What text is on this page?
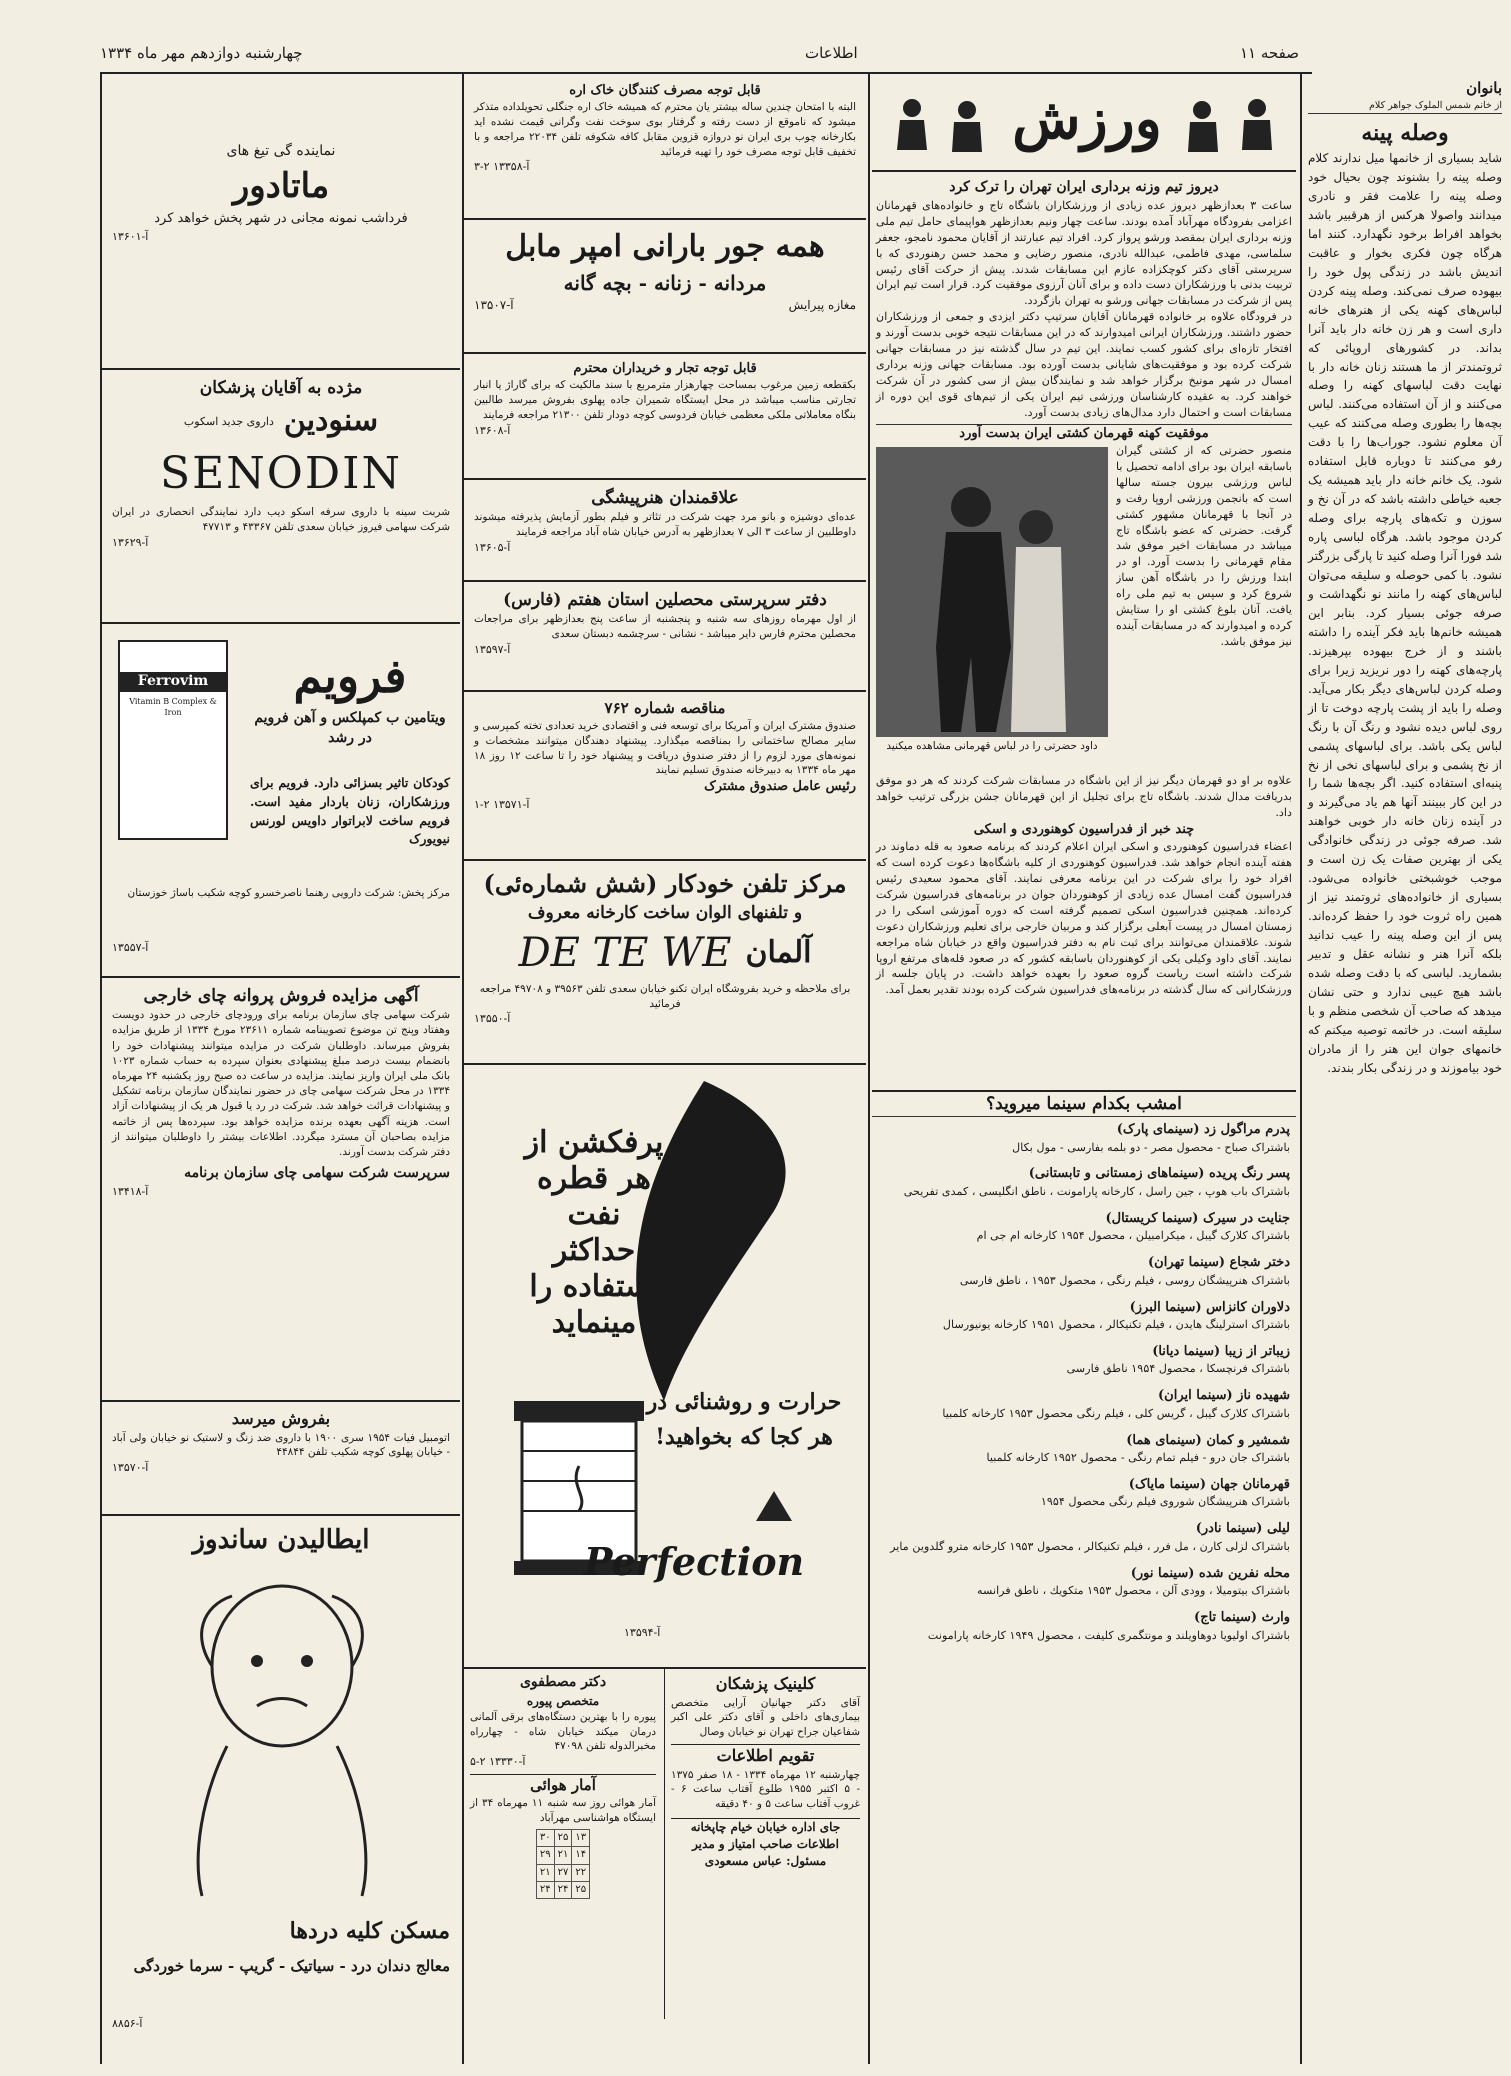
چهارشنبه دوازدهم مهر ماه ۱۳۳۴	اطلاعات	صفحه ۱۱
بانوان
از خانم شمس الملوک جواهر کلام
وصله پینه
شاید بسیاری از خانمها میل ندارند کلام وصله پینه را بشنوند چون بحیال خود وصله پینه را علامت فقر و نادری میدانند واصولا هرکس از هرقبیر باشد بخواهد افراط برخود نگهدارد. کنند اما هرگاه چون فکری بخوار و عاقبت اندیش باشد در زندگی پول خود را بیهوده صرف نمی‌کند. وصله پینه کردن لباس‌های کهنه یکی از هنرهای خانه داری است و هر زن خانه دار باید آنرا بداند. در کشورهای اروپائی که ثروتمندتر از ما هستند زنان خانه دار با نهایت دقت لباسهای کهنه را وصله می‌کنند و از آن استفاده می‌کنند. لباس بچه‌ها را بطوری وصله می‌کنند که عیب آن معلوم نشود. جوراب‌ها را با دقت رفو می‌کنند تا دوباره قابل استفاده شود. یک خانم خانه دار باید همیشه یک جعبه خیاطی داشته باشد که در آن نخ و سوزن و تکه‌های پارچه برای وصله کردن موجود باشد. هرگاه لباسی پاره شد فورا آنرا وصله کنید تا پارگی بزرگتر نشود. با کمی حوصله و سلیقه می‌توان لباس‌های کهنه را مانند نو نگهداشت و صرفه جوئی بسیار کرد. بنابر این همیشه خانم‌ها باید فکر آینده را داشته باشند و از خرج بیهوده بپرهیزند. پارچه‌های کهنه را دور نریزید زیرا برای وصله کردن لباس‌های دیگر بکار می‌آید. وصله را باید از پشت پارچه دوخت تا از روی لباس دیده نشود و رنگ آن با رنگ لباس یکی باشد. برای لباسهای پشمی از نخ پشمی و برای لباسهای نخی از نخ پنبه‌ای استفاده کنید. اگر بچه‌ها شما را در این کار ببینند آنها هم یاد می‌گیرند و در آینده زنان خانه دار خوبی خواهند شد. صرفه جوئی در زندگی خانوادگی یکی از بهترین صفات یک زن است و موجب خوشبختی خانواده می‌شود. بسیاری از خانواده‌های ثروتمند نیز از همین راه ثروت خود را حفظ کرده‌اند. پس از این وصله پینه را عیب ندانید بلکه آنرا هنر و نشانه عقل و تدبیر بشمارید. لباسی که با دقت وصله شده باشد هیچ عیبی ندارد و حتی نشان میدهد که صاحب آن شخصی منظم و با سلیقه است. در خاتمه توصیه میکنم که خانمهای جوان این هنر را از مادران خود بیاموزند و در زندگی بکار بندند.
ورزش
دیروز تیم وزنه برداری ایران تهران را ترک کرد
ساعت ۳ بعدازظهر دیروز عده زیادی از ورزشکاران باشگاه تاج و خانواده‌های قهرمانان اعزامی بفرودگاه مهرآباد آمده بودند. ساعت چهار ونیم بعدازظهر هواپیمای حامل تیم ملی وزنه برداری ایران بمقصد ورشو پرواز کرد. افراد تیم عبارتند از آقایان محمود نامجو، جعفر سلماسی، مهدی فاطمی، عبدالله نادری، منصور رضایی و محمد حسن رهنوردی که با سرپرستی آقای دکتر کوچکزاده عازم این مسابقات شدند. پیش از حرکت آقای رئیس تربیت بدنی با ورزشکاران دست داده و برای آنان آرزوی موفقیت کرد. قرار است تیم ایران پس از شرکت در مسابقات جهانی ورشو به تهران بازگردد.
در فرودگاه علاوه بر خانواده قهرمانان آقایان سرتیپ دکتر ایزدی و جمعی از ورزشکاران حضور داشتند. ورزشکاران ایرانی امیدوارند که در این مسابقات نتیجه خوبی بدست آورند و افتخار تازه‌ای برای کشور کسب نمایند. این تیم در سال گذشته نیز در مسابقات جهانی شرکت کرده بود و موفقیت‌های شایانی بدست آورده بود. مسابقات جهانی وزنه برداری امسال در شهر مونیخ برگزار خواهد شد و نمایندگان بیش از سی کشور در آن شرکت خواهند کرد. به عقیده کارشناسان ورزشی تیم ایران یکی از تیم‌های قوی این دوره از مسابقات است و احتمال دارد مدال‌های زیادی بدست آورد.
موفقیت کهنه قهرمان کشتی ایران بدست آورد
منصور حضرتی که از کشتی گیران باسابقه ایران بود برای ادامه تحصیل با لباس ورزشی بیرون جسته سالها است که بانجمن ورزشی اروپا رفت و در آنجا با قهرمانان مشهور کشتی گرفت. حضرتی که عضو باشگاه تاج میباشد در مسابقات اخیر موفق شد مقام قهرمانی را بدست آورد. او در ابتدا ورزش را در باشگاه آهن ساز شروع کرد و سپس به تیم ملی راه یافت. آنان بلوغ کشتی او را ستایش کرده و امیدوارند که در مسابقات آینده نیز موفق باشد.
داود حضرتی را در لباس قهرمانی مشاهده میکنید
علاوه بر او دو قهرمان دیگر نیز از این باشگاه در مسابقات شرکت کردند که هر دو موفق بدریافت مدال شدند. باشگاه تاج برای تجلیل از این قهرمانان جشن بزرگی ترتیب خواهد داد.
چند خبر از فدراسیون کوهنوردی و اسکی
اعضاء فدراسیون کوهنوردی و اسکی ایران اعلام کردند که برنامه صعود به قله دماوند در هفته آینده انجام خواهد شد. فدراسیون کوهنوردی از کلیه باشگاه‌ها دعوت کرده است که افراد خود را برای شرکت در این برنامه معرفی نمایند. آقای محمود سعیدی رئیس فدراسیون گفت امسال عده زیادی از کوهنوردان جوان در برنامه‌های فدراسیون شرکت کرده‌اند. همچنین فدراسیون اسکی تصمیم گرفته است که دوره آموزشی اسکی را در زمستان امسال در پیست آبعلی برگزار کند و مربیان خارجی برای تعلیم ورزشکاران دعوت شوند. علاقمندان می‌توانند برای ثبت نام به دفتر فدراسیون واقع در خیابان شاه مراجعه نمایند. آقای داود وکیلی یکی از کوهنوردان باسابقه کشور که در صعود قله‌های مرتفع اروپا شرکت داشته است ریاست گروه صعود را بعهده خواهد داشت. در پایان جلسه از ورزشکارانی که سال گذشته در برنامه‌های فدراسیون شرکت کرده بودند تقدیر بعمل آمد.
امشب بکدام سینما میروید؟
پدرم مراگول زد (سینمای پارک)
باشتراک صباح - محصول مصر - دو بلمه بفارسی - مول بکال
پسر رنگ پریده (سینماهای زمستانی و تابستانی)
باشتراک باب هوپ ، جین راسل ، کارخانه پارامونت ، ناطق انگلیسی ، کمدی تفریحی
جنایت در سیرک (سینما کریستال)
باشتراک کلارک گیبل ، میکرامبیلن ، محصول ۱۹۵۴ کارخانه ام جی ام
دختر شجاع (سینما تهران)
باشتراک هنرپیشگان روسی ، فیلم رنگی ، محصول ۱۹۵۳ ، ناطق فارسی
دلاوران کانزاس (سینما البرز)
باشتراک استرلینگ هایدن ، فیلم تکنیکالر ، محصول ۱۹۵۱ کارخانه یونیورسال
زیباتر از زیبا (سینما دیانا)
باشتراک فرنچسکا ، محصول ۱۹۵۴ ناطق فارسی
شهیده ناز (سینما ایران)
باشتراک کلارک گیبل ، گریس کلی ، فیلم رنگی محصول ۱۹۵۳ کارخانه کلمبیا
شمشیر و کمان (سینمای هما)
باشتراک جان درو - فیلم تمام رنگی - محصول ۱۹۵۲ کارخانه کلمبیا
قهرمانان جهان (سینما مایاک)
باشتراک هنرپیشگان شوروی فیلم رنگی محصول ۱۹۵۴
لیلی (سینما نادر)
باشتراک لزلی کارن ، مل فرر ، فیلم تکنیکالر ، محصول ۱۹۵۳ کارخانه مترو گلدوین مایر
محله نفرین شده (سینما نور)
باشتراک بیتومیلا ، وودی آلن ، محصول ۱۹۵۳ متکویك ، ناطق فرانسه
وارث (سینما تاج)
باشتراک اولیویا دوهاویلند و مونتگمری کلیفت ، محصول ۱۹۴۹ کارخانه پارامونت
قابل توجه مصرف کنندگان خاک اره
البته با امتحان چندین ساله بیشتر یان محترم که همیشه خاک اره جنگلی تحویلداده متذکر میشود که ناموقع از دست رفته و گرفتار بوی سوخت نفت وگرانی قیمت نشده اید بکارخانه چوب بری ایران نو دروازه قزوین مقابل کافه شکوفه تلفن ۲۲۰۳۴ مراجعه و با تخفیف قابل توجه مصرف خود را تهیه فرمائید
آ-۱۳۳۵۸ ۲-۳
همه جور بارانی امپر مابل
مردانه - زنانه - بچه گانه
مغازه پیرایش
آ-۱۳۵۰۷
قابل توجه تجار و خریداران محترم
بکقطعه زمین مرغوب بمساحت چهارهزار مترمربع با سند مالکیت که برای گاراژ یا انبار تجارتی مناسب میباشد در محل ایستگاه شمیران جاده پهلوی بفروش میرسد طالبین بنگاه معاملاتی ملکی معظمی خیابان فردوسی کوچه دودار تلفن ۲۱۳۰۰ مراجعه فرمایند
آ-۱۳۶۰۸
علاقمندان هنرپیشگی
عده‌ای دوشیزه و بانو مرد جهت شرکت در تئاتر و فیلم بطور آزمایش پذیرفته میشوند داوطلبین از ساعت ۳ الی ۷ بعدازظهر به آدرس خیابان شاه آباد مراجعه فرمایند
آ-۱۳۶۰۵
دفتر سرپرستی محصلین استان هفتم (فارس)
از اول مهرماه روزهای سه شنبه و پنجشنبه از ساعت پنج بعدازظهر برای مراجعات محصلین محترم فارس دایر میباشد - نشانی - سرچشمه دبستان سعدی
آ-۱۳۵۹۷
مناقصه شماره ۷۶۲
صندوق مشترک ایران و آمریکا برای توسعه فنی و اقتصادی خرید تعدادی تخته کمپرسی و سایر مصالح ساختمانی را بمناقصه میگذارد. پیشنهاد دهندگان میتوانند مشخصات و نمونه‌های مورد لزوم را از دفتر صندوق دریافت و پیشنهاد خود را تا ساعت ۱۲ روز ۱۸ مهر ماه ۱۳۳۴ به دبیرخانه صندوق تسلیم نمایند
رئیس عامل صندوق مشترک
آ-۱۳۵۷۱ ۲-۱
مرکز تلفن خودکار (شش شماره‌ئی)
و تلفنهای الوان ساخت کارخانه معروف
آلمان
DE TE WE
برای ملاحظه و خرید بفروشگاه ایران تکنو خیابان سعدی تلفن ۳۹۵۶۳ و ۴۹۷۰۸ مراجعه فرمائید
آ-۱۳۵۵۰
پرفکشن از هر قطره نفت حداکثر استفاده را مینماید
حرارت و روشنائی در هر کجا که بخواهید!
Perfection
آ-۱۳۵۹۴
کلینیک پزشکان
آقای دکتر جهانیان آرایی متخصص بیماری‌های داخلی و آقای دکتر علی اکبر شفاعیان جراح تهران نو خیابان وصال
تقویم اطلاعات
چهارشنبه ۱۲ مهرماه ۱۳۳۴ - ۱۸ صفر ۱۳۷۵ - ۵ اکتبر ۱۹۵۵ طلوع آفتاب ساعت ۶ - غروب آفتاب ساعت ۵ و ۴۰ دقیقه
جای اداره خیابان خیام چاپخانه اطلاعات صاحب امتیاز و مدیر مسئول: عباس مسعودی
دکتر مصطفوی
متخصص پیوره
پیوره را با بهترین دستگاه‌های برقی آلمانی درمان میکند خیابان شاه - چهارراه مخبرالدوله تلفن ۴۷۰۹۸
آ-۱۳۳۳۰ ۲-۵
آمار هوائی
آمار هوائی روز سه شنبه ۱۱ مهرماه ۳۴ از ایستگاه هواشناسی مهرآباد
۱۳	۲۵	۳۰
۱۴	۲۱	۲۹
۲۲	۲۷	۲۱
۲۵	۲۴	۲۴
نماینده گی تیغ های
ماتادور
فرداشب نمونه مجانی در شهر پخش خواهد کرد
آ-۱۳۶۰۱
مژده به آقایان پزشکان
سنودین
داروی جدید اسکوب
SENODIN
شربت سینه با داروی سرفه اسکو دیب دارد نمایندگی انحصاری در ایران شرکت سهامی فیروز خیابان سعدی تلفن ۴۳۳۶۷ و ۴۷۷۱۳
آ-۱۳۶۲۹
Ferrovim
Vitamin B Complex & Iron
فرویم
ویتامین ب کمپلکس و آهن فرویم در رشد
کودکان تاثیر بسزائی دارد. فرویم برای ورزشکاران، زنان باردار مفید است. فرویم ساخت لابراتوار داویس لورنس نیویورک
مرکز پخش: شرکت دارویی رهنما ناصرخسرو کوچه شکیب باساژ خوزستان
آ-۱۳۵۵۷
آگهی مزایده فروش پروانه چای خارجی
شرکت سهامی چای سازمان برنامه برای ورودچای خارجی در حدود دویست وهفتاد وپنج تن موضوع تصویبنامه شماره ۲۳۶۱۱ مورخ ۱۳۳۴ از طریق مزایده بفروش میرساند. داوطلبان شرکت در مزایده میتوانند پیشنهادات خود را بانضمام بیست درصد مبلغ پیشنهادی بعنوان سپرده به حساب شماره ۱۰۲۳ بانک ملی ایران واریز نمایند. مزایده در ساعت ده صبح روز یکشنبه ۲۴ مهرماه ۱۳۳۴ در محل شرکت سهامی چای در حضور نمایندگان سازمان برنامه تشکیل و پیشنهادات قرائت خواهد شد. شرکت در رد یا قبول هر یک از پیشنهادات آزاد است. هزینه آگهی بعهده برنده مزایده خواهد بود. سپرده‌ها پس از خاتمه مزایده بصاحبان آن مسترد میگردد. اطلاعات بیشتر را داوطلبان میتوانند از دفتر شرکت بدست آورند.
سرپرست شرکت سهامی چای سازمان برنامه
آ-۱۳۴۱۸
بفروش میرسد
اتومبیل فیات ۱۹۵۴ سری ۱۹۰۰ با داروی ضد زنگ و لاستیک نو خیابان ولی آباد - خیابان پهلوی کوچه شکیب تلفن ۴۴۸۴۴
آ-۱۳۵۷۰
ایطالیدن ساندوز
مسکن کلیه دردها
معالج دندان درد - سیاتیک - گریپ - سرما خوردگی
آ-۸۸۵۶
